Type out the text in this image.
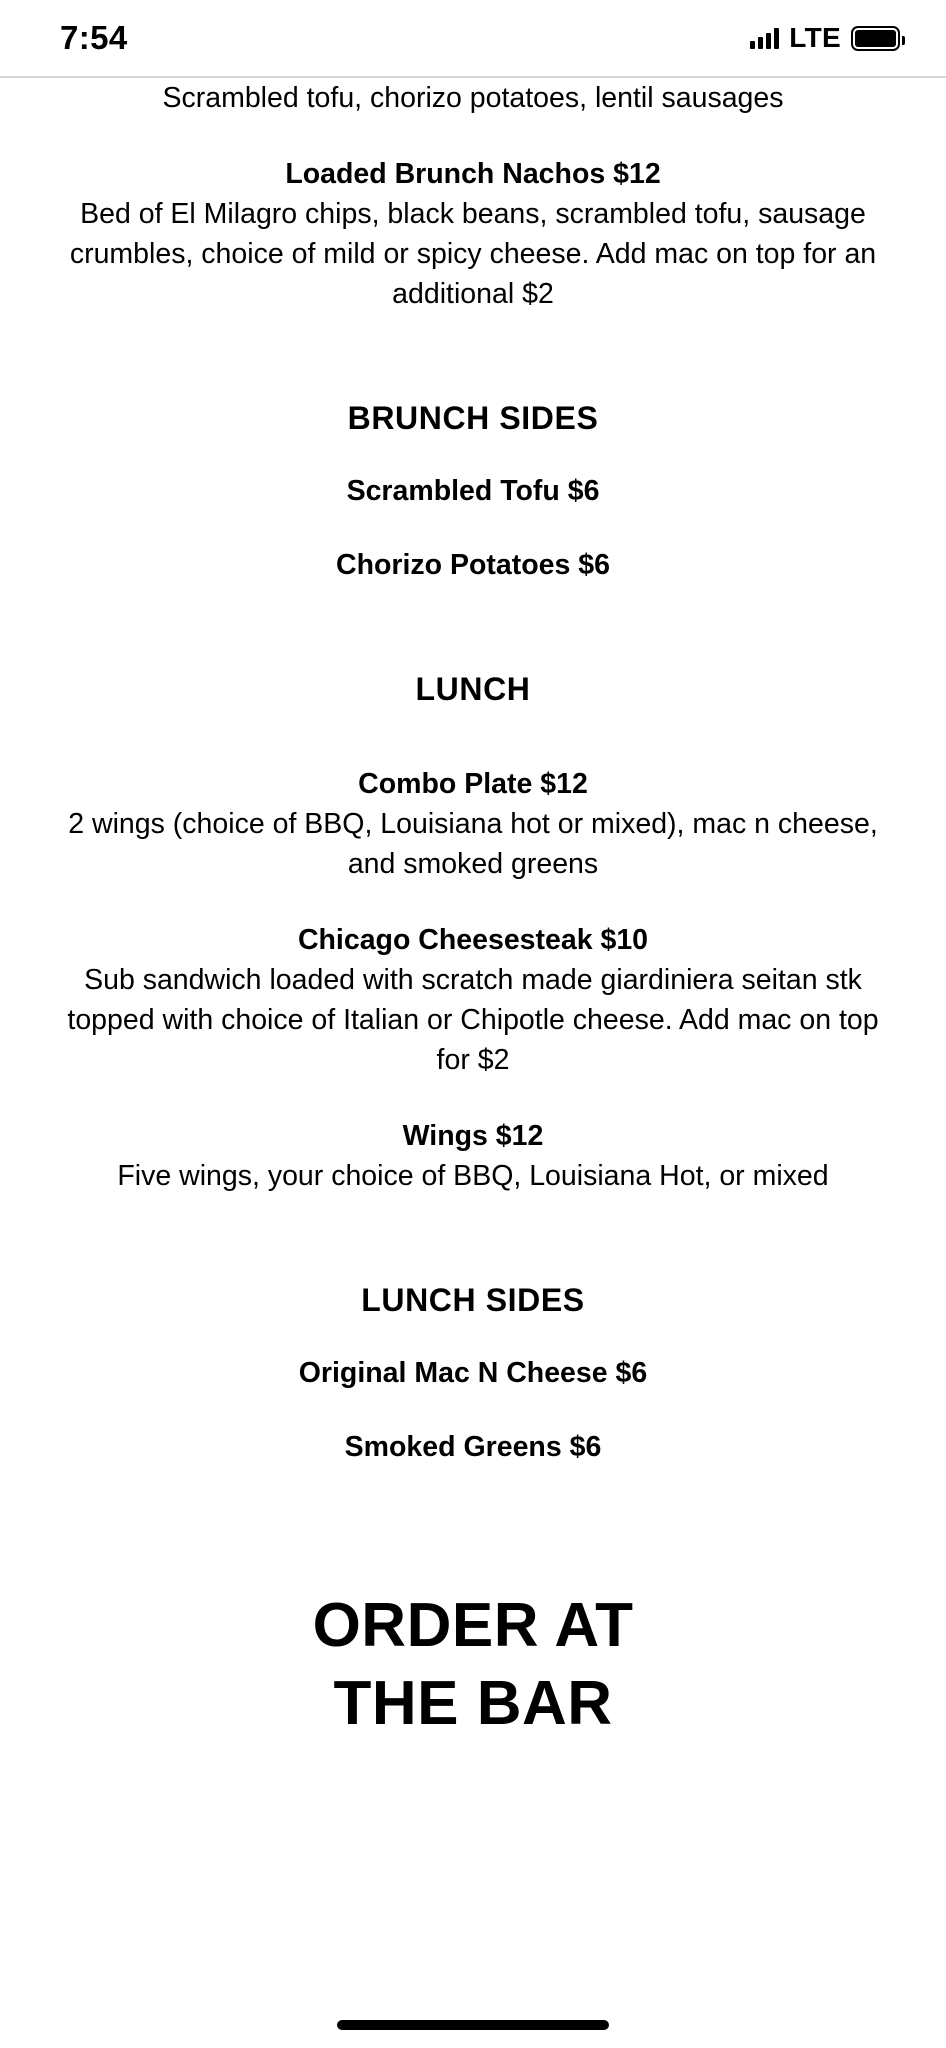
7:54	LTE

Scrambled tofu, chorizo potatoes, lentil sausages

Loaded Brunch Nachos $12

Bed of El Milagro chips, black beans, scrambled tofu, sausage crumbles, choice of mild or spicy cheese. Add mac on top for an additional $2

BRUNCH SIDES

Scrambled Tofu $6

Chorizo Potatoes $6

LUNCH

Combo Plate $12

2 wings (choice of BBQ, Louisiana hot or mixed), mac n cheese, and smoked greens

Chicago Cheesesteak $10

Sub sandwich loaded with scratch made giardiniera seitan stk topped with choice of Italian or Chipotle cheese. Add mac on top for $2

Wings $12

Five wings, your choice of BBQ, Louisiana Hot, or mixed

LUNCH SIDES

Original Mac N Cheese $6

Smoked Greens $6

ORDER AT
THE BAR
